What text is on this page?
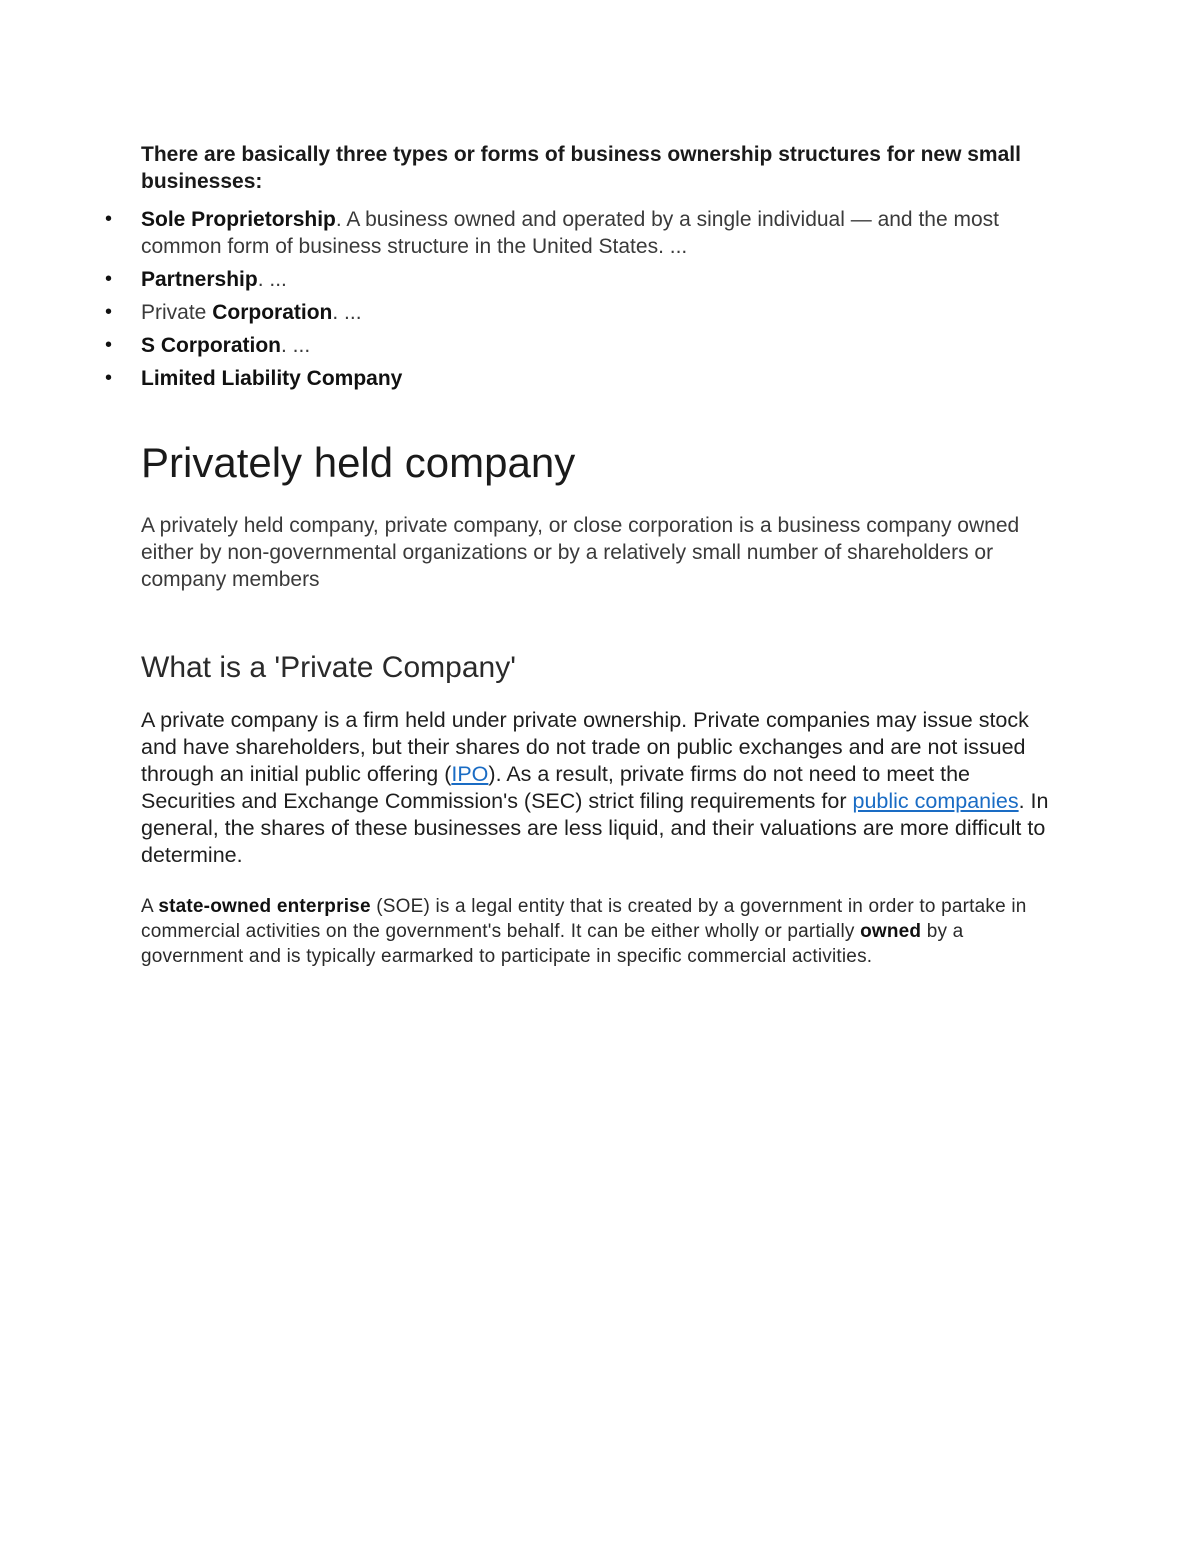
There are basically three types or forms of business ownership structures for new small businesses:

• Sole Proprietorship. A business owned and operated by a single individual — and the most common form of business structure in the United States. ...
• Partnership. ...
• Private Corporation. ...
• S Corporation. ...
• Limited Liability Company
Privately held company

A privately held company, private company, or close corporation is a business company owned either by non-governmental organizations or by a relatively small number of shareholders or company members

What is a 'Private Company'

A private company is a firm held under private ownership. Private companies may issue stock and have shareholders, but their shares do not trade on public exchanges and are not issued through an initial public offering (IPO). As a result, private firms do not need to meet the Securities and Exchange Commission's (SEC) strict filing requirements for public companies. In general, the shares of these businesses are less liquid, and their valuations are more difficult to determine.

A state-owned enterprise (SOE) is a legal entity that is created by a government in order to partake in commercial activities on the government's behalf. It can be either wholly or partially owned by a government and is typically earmarked to participate in specific commercial activities.
